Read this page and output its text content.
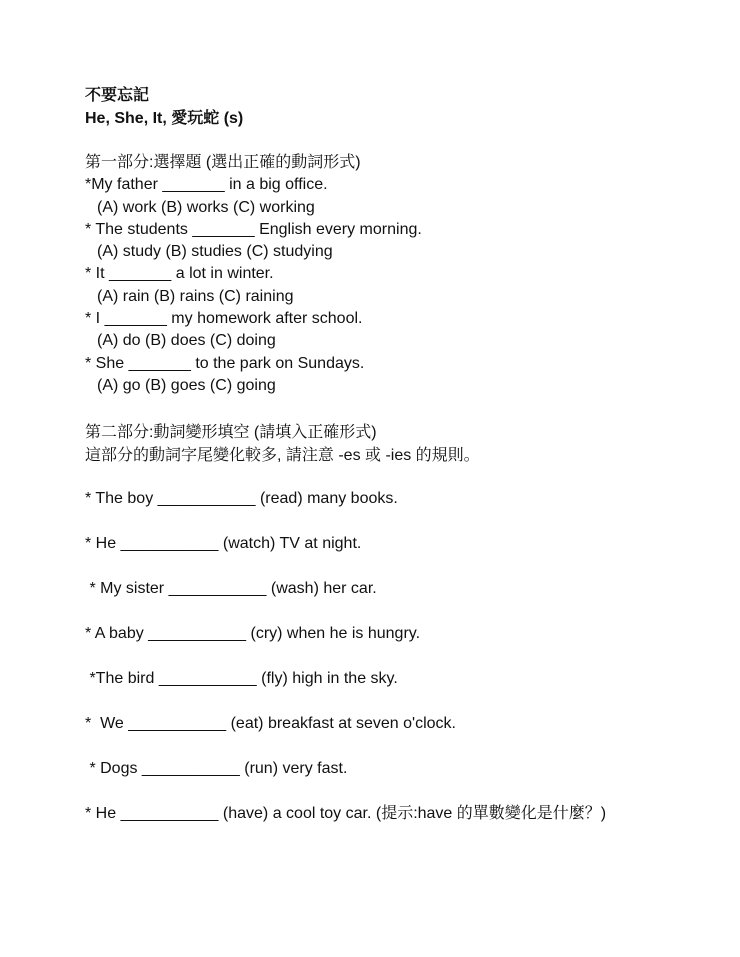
不要忘記
He, She, It, 愛玩蛇 (s)
第一部分:選擇題 (選出正確的動詞形式)
*My father _______ in a big office.
(A) work (B) works (C) working
* The students _______ English every morning.
(A) study (B) studies (C) studying
* It _______ a lot in winter.
(A) rain (B) rains (C) raining
* I _______ my homework after school.
(A) do (B) does (C) doing
* She _______ to the park on Sundays.
(A) go (B) goes (C) going
第二部分:動詞變形填空 (請填入正確形式)
這部分的動詞字尾變化較多, 請注意 -es 或 -ies 的規則。
* The boy ___________ (read) many books.
* He ___________ (watch) TV at night.
* My sister ___________ (wash) her car.
* A baby ___________ (cry) when he is hungry.
*The bird ___________ (fly) high in the sky.
*  We ___________ (eat) breakfast at seven o'clock.
* Dogs ___________ (run) very fast.
* He ___________ (have) a cool toy car. (提示:have 的單數變化是什麼？)
